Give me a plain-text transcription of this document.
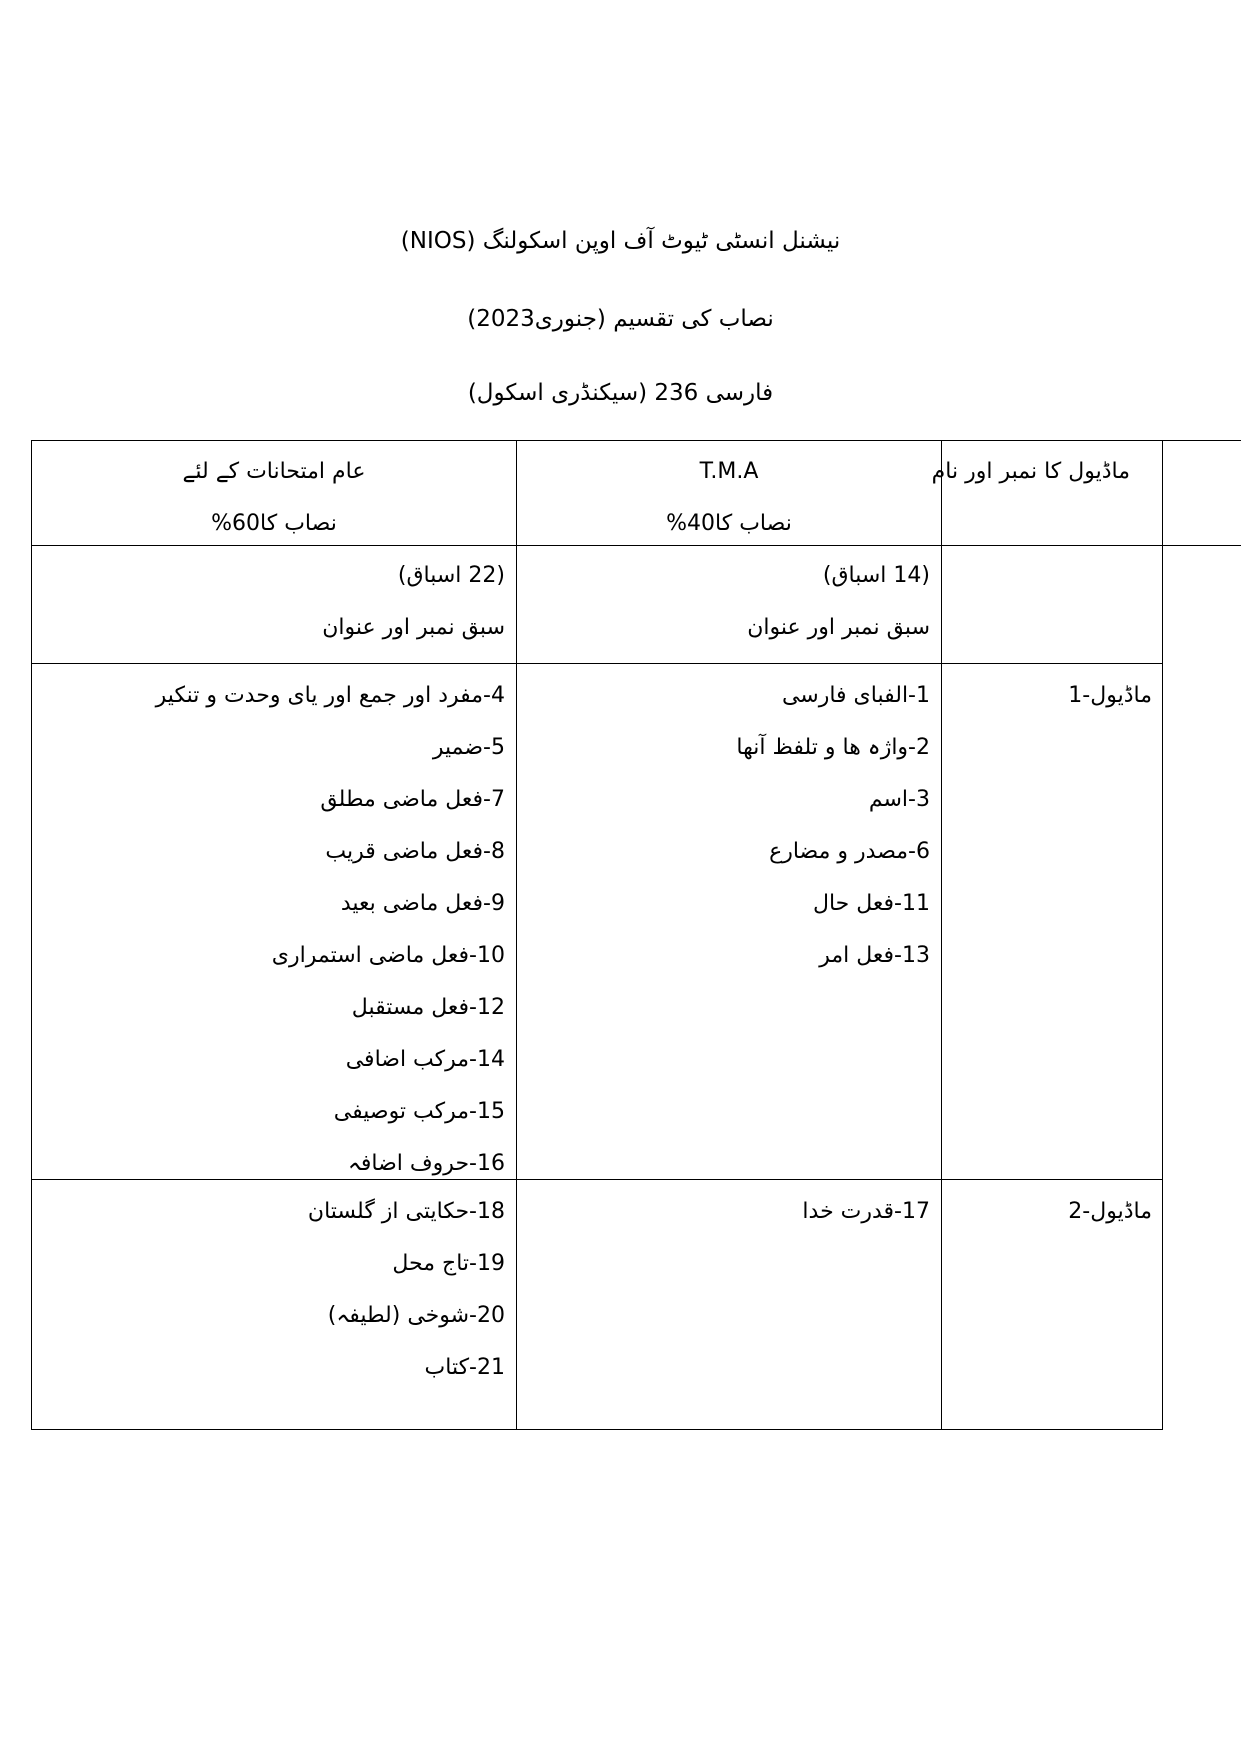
نیشنل انسٹی ٹیوٹ آف اوپن اسکولنگ (NIOS)
نصاب کی تقسیم (جنوری2023)
فارسی 236 (سیکنڈری اسکول)
ماڈیول کا نمبر اور نام
T.M.A
نصاب کا40%
عام امتحانات کے لئے
نصاب کا60%
(14 اسباق)
سبق نمبر اور عنوان
(22 اسباق)
سبق نمبر اور عنوان
ماڈیول-1
1-الفبای فارسی
2-واژہ ھا و تلفظ آنھا
3-اسم
6-مصدر و مضارع
11-فعل حال
13-فعل امر
4-مفرد اور جمع اور یای وحدت و تنکیر
5-ضمیر
7-فعل ماضی مطلق
8-فعل ماضی قریب
9-فعل ماضی بعید
10-فعل ماضی استمراری
12-فعل مستقبل
14-مرکب اضافی
15-مرکب توصیفی
16-حروف اضافہ
ماڈیول-2
17-قدرت خدا
18-حکایتی از گلستان
19-تاج محل
20-شوخی (لطیفہ)
21-کتاب
